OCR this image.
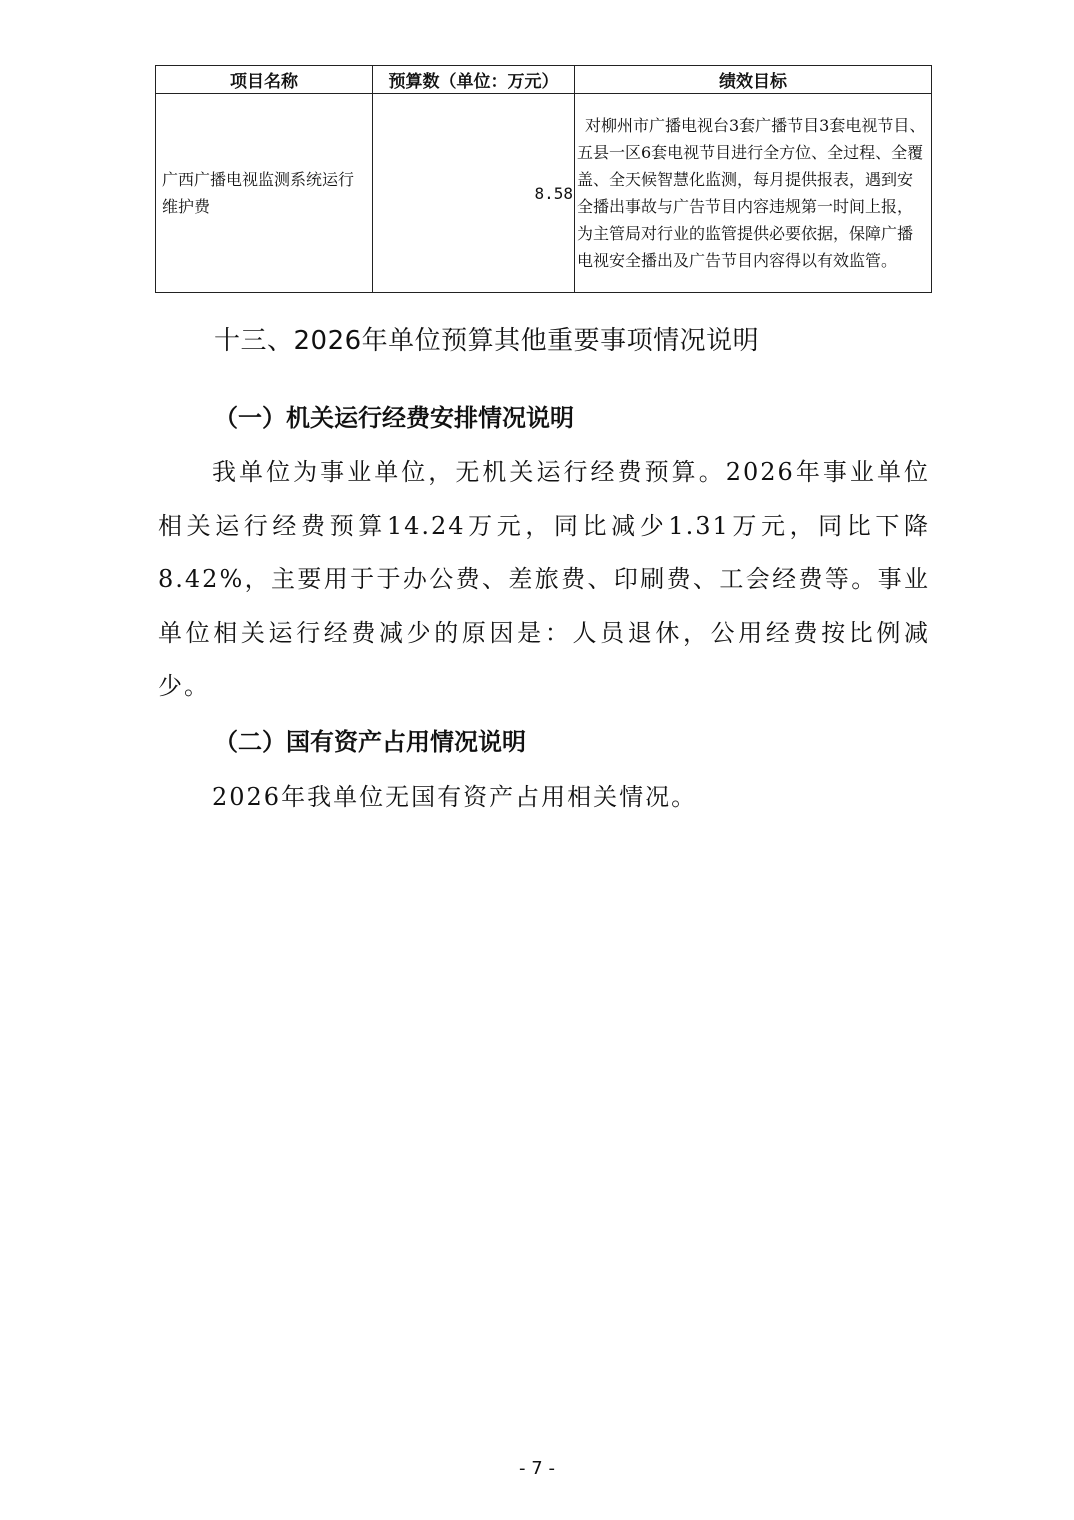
项目名称	预算数（单位：万元）	绩效目标
广西广播电视监测系统运行维护费	8.58	对柳州市广播电视台3套广播节目3套电视节目、五县一区6套电视节目进行全方位、全过程、全覆盖、全天候智慧化监测，每月提供报表，遇到安全播出事故与广告节目内容违规第一时间上报，为主管局对行业的监管提供必要依据，保障广播电视安全播出及广告节目内容得以有效监管。
十三、2026年单位预算其他重要事项情况说明
（一）机关运行经费安排情况说明

我单位为事业单位，无机关运行经费预算。2026年事业单位相关运行经费预算14.24万元，同比减少1.31万元，同比下降8.42%，主要用于于办公费、差旅费、印刷费、工会经费等。事业单位相关运行经费减少的原因是：人员退休，公用经费按比例减少。

（二）国有资产占用情况说明

2026年我单位无国有资产占用相关情况。

- 7 -
